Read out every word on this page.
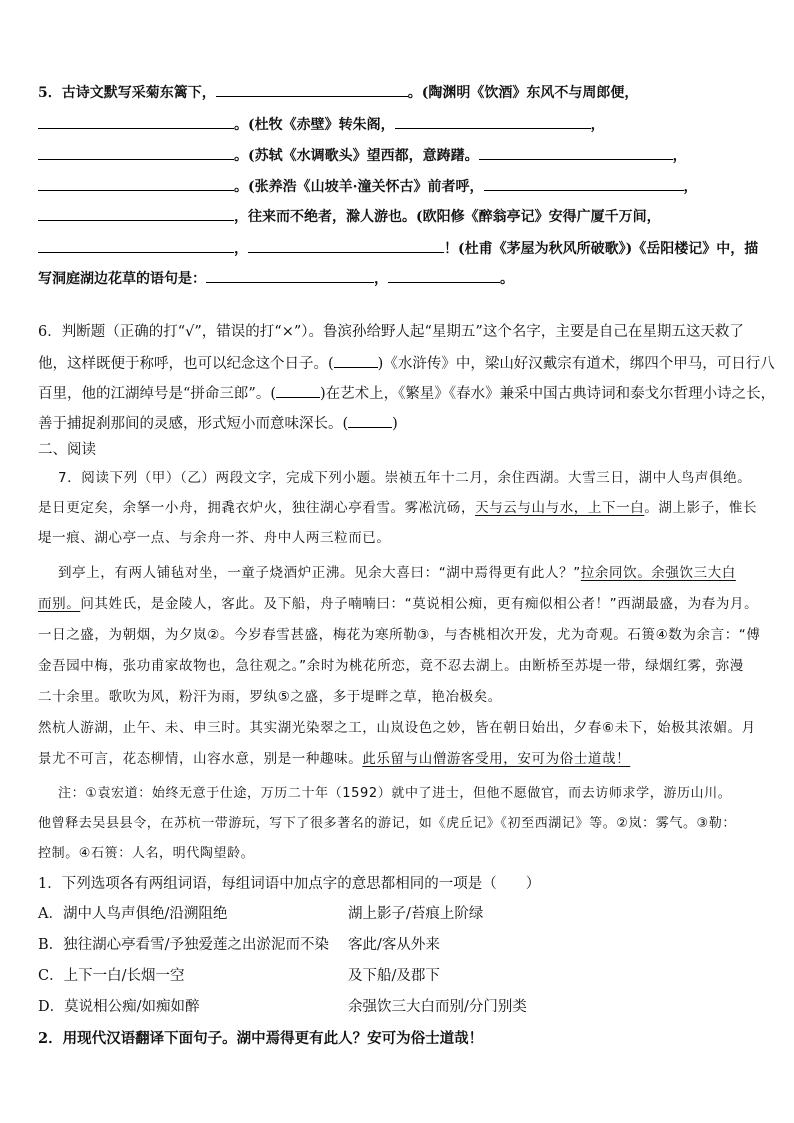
5．古诗文默写采菊东篱下，	。(陶渊明《饮酒》东风不与周郎便，
。(杜牧《赤壁》转朱阁，	，
。(苏轼《水调歌头》望西都，意踌躇。	，
。(张养浩《山坡羊·潼关怀古》前者呼，	，
，往来而不绝者，滁人游也。(欧阳修《醉翁亭记》安得广厦千万间，
，	！(杜甫《茅屋为秋风所破歌》)《岳阳楼记》中，描
写洞庭湖边花草的语句是：	，	。
6．判断题（正确的打“√”，错误的打“×”）。鲁滨孙给野人起“星期五”这个名字，主要是自己在星期五这天救了
他，这样既便于称呼，也可以纪念这个日子。(	)《水浒传》中，梁山好汉戴宗有道术，绑四个甲马，可日行八
百里，他的江湖绰号是“拼命三郎”。(	)在艺术上，《繁星》《春水》兼采中国古典诗词和泰戈尔哲理小诗之长，
善于捕捉刹那间的灵感，形式短小而意味深长。(	)
二、阅读
7．阅读下列（甲）（乙）两段文字，完成下列小题。崇祯五年十二月，余住西湖。大雪三日，湖中人鸟声俱绝。
是日更定矣，余拏一小舟，拥毳衣炉火，独往湖心亭看雪。雾凇沆砀，天与云与山与水，上下一白。湖上影子，惟长
堤一痕、湖心亭一点、与余舟一芥、舟中人两三粒而已。
到亭上，有两人铺毡对坐，一童子烧酒炉正沸。见余大喜曰：“湖中焉得更有此人？”拉余同饮。余强饮三大白
而别。问其姓氏，是金陵人，客此。及下船，舟子喃喃曰：“莫说相公痴，更有痴似相公者！”西湖最盛，为春为月。
一日之盛，为朝烟，为夕岚②。今岁春雪甚盛，梅花为寒所勒③，与杏桃相次开发，尤为奇观。石篑④数为余言：“傅
金吾园中梅，张功甫家故物也，急往观之。”余时为桃花所恋，竟不忍去湖上。由断桥至苏堤一带，绿烟红雾，弥漫
二十余里。歌吹为风，粉汗为雨，罗纨⑤之盛，多于堤畔之草，艳冶极矣。
然杭人游湖，止午、未、申三时。其实湖光染翠之工，山岚设色之妙，皆在朝日始出，夕春⑥未下，始极其浓媚。月
景尤不可言，花态柳情，山容水意，别是一种趣味。此乐留与山僧游客受用，安可为俗士道哉！
注：①袁宏道：始终无意于仕途，万历二十年（1592）就中了进士，但他不愿做官，而去访师求学，游历山川。
他曾释去吴县县令，在苏杭一带游玩，写下了很多著名的游记，如《虎丘记》《初至西湖记》等。②岚：雾气。③勒：
控制。④石篑：人名，明代陶望龄。
1．下列选项各有两组词语，每组词语中加点字的意思都相同的一项是（　　）
A．湖中人鸟声俱绝/沿溯阻绝	湖上影子/苔痕上阶绿
B．独往湖心亭看雪/予独爱莲之出淤泥而不染 客此/客从外来
C．上下一白/长烟一空	及下船/及郡下
D．莫说相公痴/如痴如醉	余强饮三大白而别/分门别类
2．用现代汉语翻译下面句子。湖中焉得更有此人？安可为俗士道哉！
